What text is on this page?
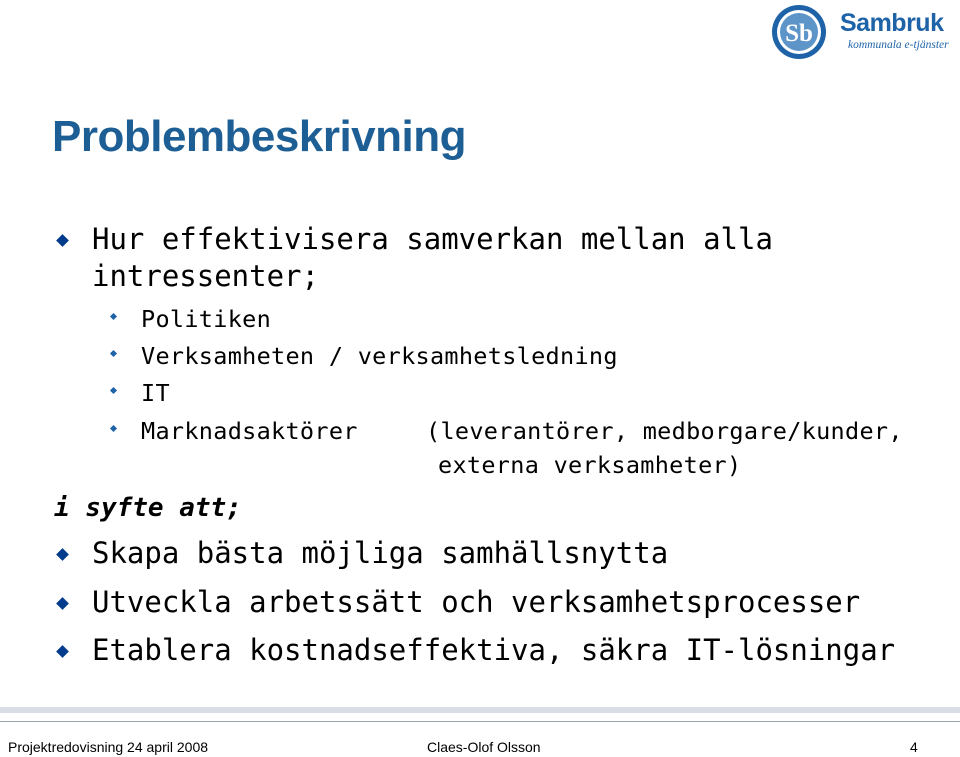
Sb Sambruk
kommunala e-tjänster
Problembeskrivning
Hur effektivisera samverkan mellan alla
intressenter;
Politiken
Verksamheten / verksamhetsledning
IT
Marknadsaktörer	(leverantörer, medborgare/kunder,
externa verksamheter)
i syfte att;
Skapa bästa möjliga samhällsnytta
Utveckla arbetssätt och verksamhetsprocesser
Etablera kostnadseffektiva, säkra IT-lösningar
Projektredovisning 24 april 2008	Claes-Olof Olsson	4
